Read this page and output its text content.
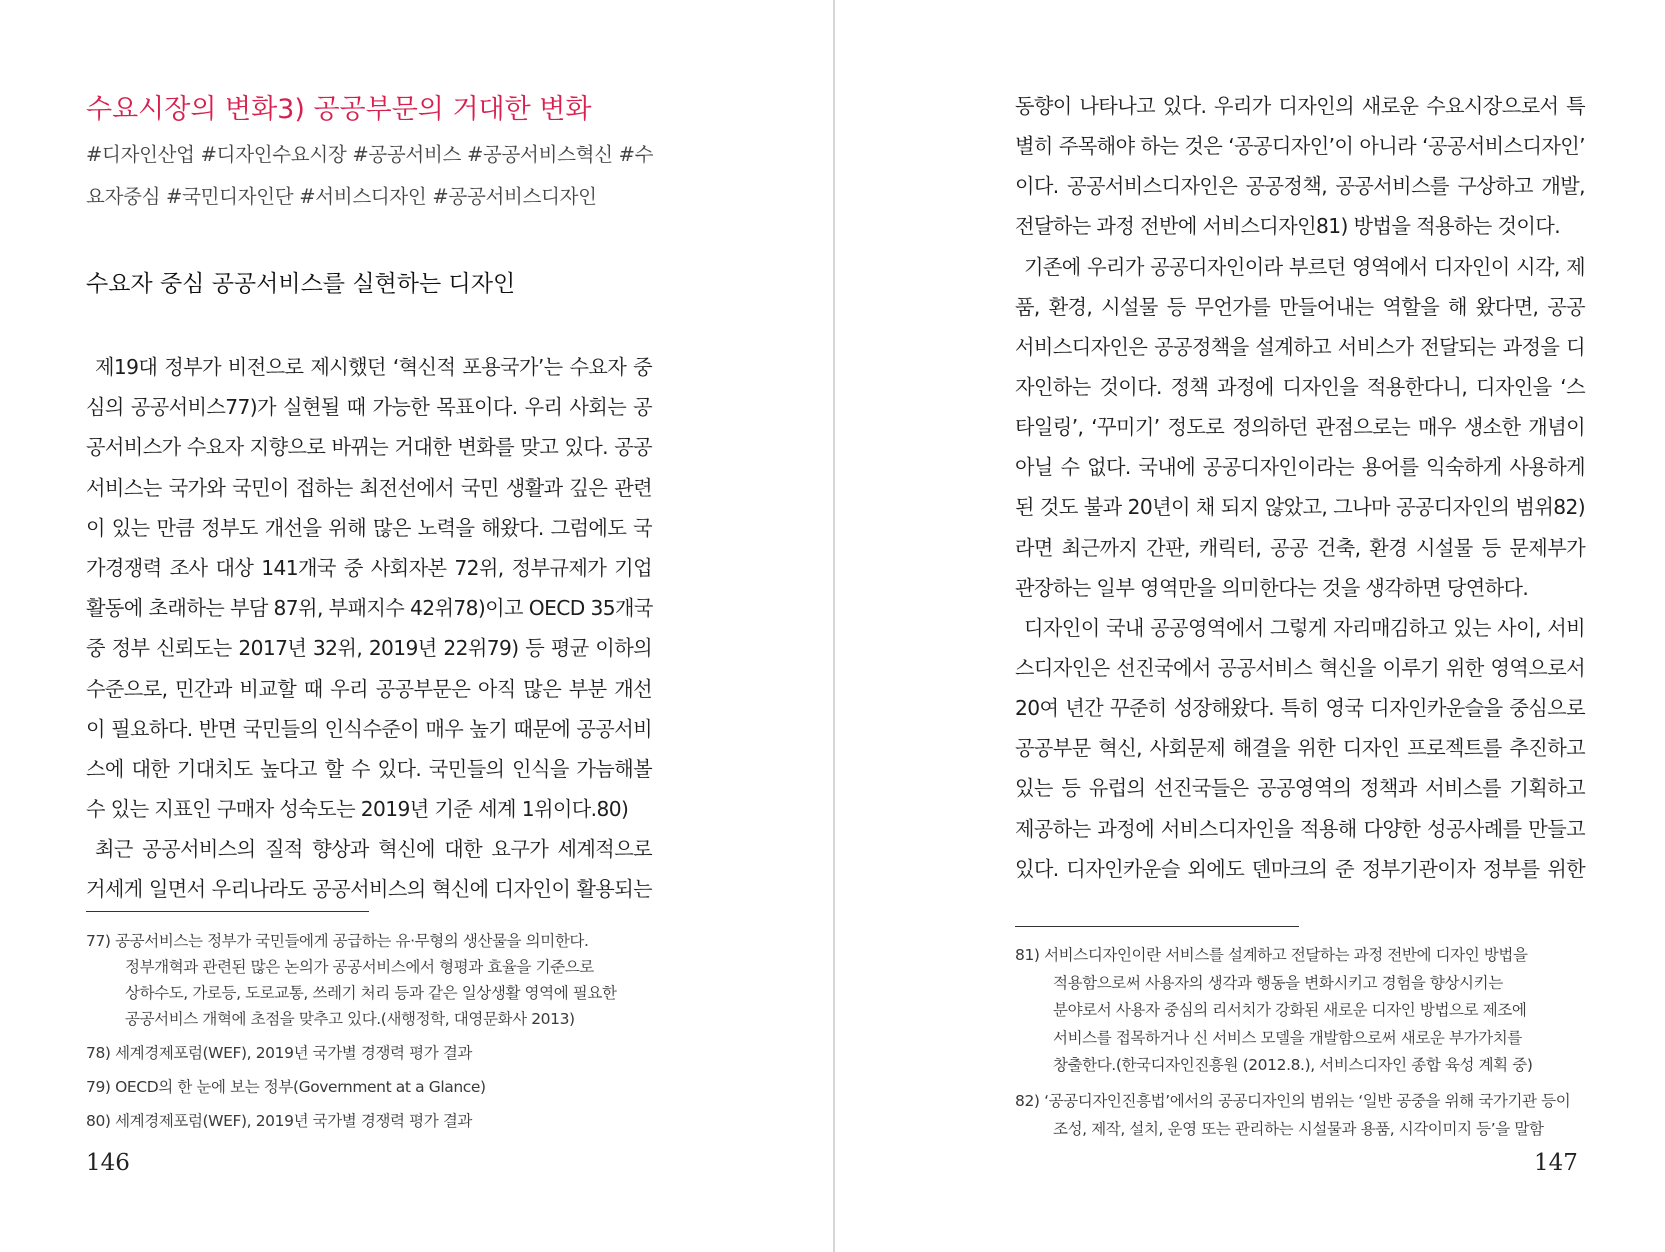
수요시장의 변화3) 공공부문의 거대한 변화
#디자인산업 #디자인수요시장 #공공서비스 #공공서비스혁신 #수
요자중심 #국민디자인단 #서비스디자인 #공공서비스디자인
수요자 중심 공공서비스를 실현하는 디자인
제19대 정부가 비전으로 제시했던 ‘혁신적 포용국가’는 수요자 중
심의 공공서비스77)가 실현될 때 가능한 목표이다. 우리 사회는 공
공서비스가 수요자 지향으로 바뀌는 거대한 변화를 맞고 있다. 공공
서비스는 국가와 국민이 접하는 최전선에서 국민 생활과 깊은 관련
이 있는 만큼 정부도 개선을 위해 많은 노력을 해왔다. 그럼에도 국
가경쟁력 조사 대상 141개국 중 사회자본 72위, 정부규제가 기업
활동에 초래하는 부담 87위, 부패지수 42위78)이고 OECD 35개국
중 정부 신뢰도는 2017년 32위, 2019년 22위79) 등 평균 이하의
수준으로, 민간과 비교할 때 우리 공공부문은 아직 많은 부분 개선
이 필요하다. 반면 국민들의 인식수준이 매우 높기 때문에 공공서비
스에 대한 기대치도 높다고 할 수 있다. 국민들의 인식을 가늠해볼
수 있는 지표인 구매자 성숙도는 2019년 기준 세계 1위이다.80)
최근 공공서비스의 질적 향상과 혁신에 대한 요구가 세계적으로
거세게 일면서 우리나라도 공공서비스의 혁신에 디자인이 활용되는
77) 공공서비스는 정부가 국민들에게 공급하는 유·무형의 생산물을 의미한다.
정부개혁과 관련된 많은 논의가 공공서비스에서 형평과 효율을 기준으로
상하수도, 가로등, 도로교통, 쓰레기 처리 등과 같은 일상생활 영역에 필요한
공공서비스 개혁에 초점을 맞추고 있다.(새행정학, 대영문화사 2013)
78) 세계경제포럼(WEF), 2019년 국가별 경쟁력 평가 결과
79) OECD의 한 눈에 보는 정부(Government at a Glance)
80) 세계경제포럼(WEF), 2019년 국가별 경쟁력 평가 결과
146
동향이 나타나고 있다. 우리가 디자인의 새로운 수요시장으로서 특
별히 주목해야 하는 것은 ‘공공디자인’이 아니라 ‘공공서비스디자인’
이다. 공공서비스디자인은 공공정책, 공공서비스를 구상하고 개발,
전달하는 과정 전반에 서비스디자인81) 방법을 적용하는 것이다.
기존에 우리가 공공디자인이라 부르던 영역에서 디자인이 시각, 제
품, 환경, 시설물 등 무언가를 만들어내는 역할을 해 왔다면, 공공
서비스디자인은 공공정책을 설계하고 서비스가 전달되는 과정을 디
자인하는 것이다. 정책 과정에 디자인을 적용한다니, 디자인을 ‘스
타일링’, ‘꾸미기’ 정도로 정의하던 관점으로는 매우 생소한 개념이
아닐 수 없다. 국내에 공공디자인이라는 용어를 익숙하게 사용하게
된 것도 불과 20년이 채 되지 않았고, 그나마 공공디자인의 범위82)
라면 최근까지 간판, 캐릭터, 공공 건축, 환경 시설물 등 문제부가
관장하는 일부 영역만을 의미한다는 것을 생각하면 당연하다.
디자인이 국내 공공영역에서 그렇게 자리매김하고 있는 사이, 서비
스디자인은 선진국에서 공공서비스 혁신을 이루기 위한 영역으로서
20여 년간 꾸준히 성장해왔다. 특히 영국 디자인카운슬을 중심으로
공공부문 혁신, 사회문제 해결을 위한 디자인 프로젝트를 추진하고
있는 등 유럽의 선진국들은 공공영역의 정책과 서비스를 기획하고
제공하는 과정에 서비스디자인을 적용해 다양한 성공사례를 만들고
있다. 디자인카운슬 외에도 덴마크의 준 정부기관이자 정부를 위한
81) 서비스디자인이란 서비스를 설계하고 전달하는 과정 전반에 디자인 방법을
적용함으로써 사용자의 생각과 행동을 변화시키고 경험을 향상시키는
분야로서 사용자 중심의 리서치가 강화된 새로운 디자인 방법으로 제조에
서비스를 접목하거나 신 서비스 모델을 개발함으로써 새로운 부가가치를
창출한다.(한국디자인진흥원 (2012.8.), 서비스디자인 종합 육성 계획 중)
82) ‘공공디자인진흥법’에서의 공공디자인의 범위는 ‘일반 공중을 위해 국가기관 등이
조성, 제작, 설치, 운영 또는 관리하는 시설물과 용품, 시각이미지 등’을 말함
147
